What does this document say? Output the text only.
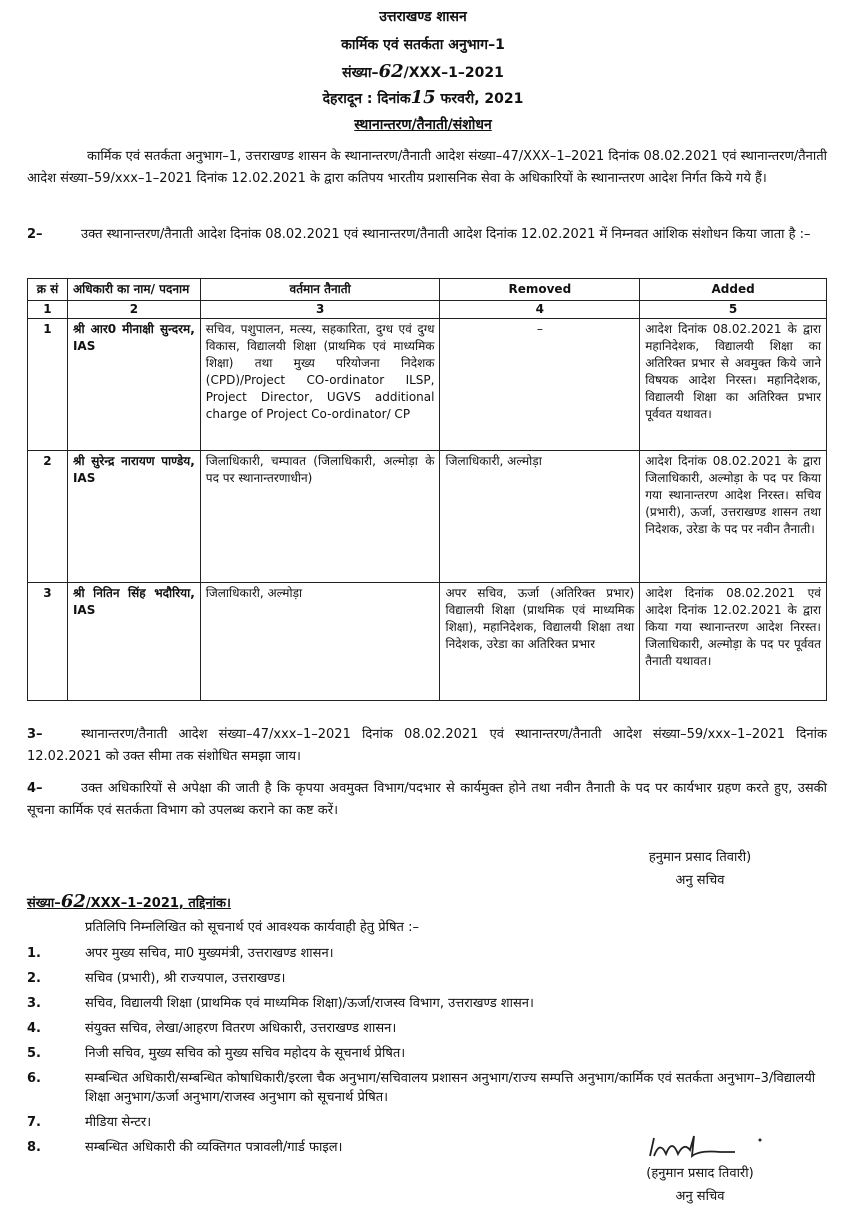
उत्तराखण्ड शासन
कार्मिक एवं सतर्कता अनुभाग–1
संख्या–62/XXX–1–2021
देहरादून : दिनांक15 फरवरी, 2021
स्थानान्तरण/तैनाती/संशोधन
कार्मिक एवं सतर्कता अनुभाग–1, उत्तराखण्ड शासन के स्थानान्तरण/तैनाती आदेश संख्या–47/XXX–1–2021 दिनांक 08.02.2021 एवं स्थानान्तरण/तैनाती आदेश संख्या–59/xxx–1–2021 दिनांक 12.02.2021 के द्वारा कतिपय भारतीय प्रशासनिक सेवा के अधिकारियों के स्थानान्तरण आदेश निर्गत किये गये हैं।
2–	उक्त स्थानान्तरण/तैनाती आदेश दिनांक 08.02.2021 एवं स्थानान्तरण/तैनाती आदेश दिनांक 12.02.2021 में निम्नवत आंशिक संशोधन किया जाता है :–
क्र सं	अधिकारी का नाम/ पदनाम	वर्तमान तैनाती	Removed	Added
1	2	3	4	5
1	श्री आर0 मीनाक्षी सुन्दरम, IAS	सचिव, पशुपालन, मत्स्य, सहकारिता, दुग्ध एवं दुग्ध विकास, विद्यालयी शिक्षा (प्राथमिक एवं माध्यमिक शिक्षा) तथा मुख्य परियोजना निदेशक (CPD)/Project CO-ordinator ILSP, Project Director, UGVS additional charge of Project Co-ordinator/ CP	–	आदेश दिनांक 08.02.2021 के द्वारा महानिदेशक, विद्यालयी शिक्षा का अतिरिक्त प्रभार से अवमुक्त किये जाने विषयक आदेश निरस्त। महानिदेशक, विद्यालयी शिक्षा का अतिरिक्त प्रभार पूर्ववत यथावत।
2	श्री सुरेन्द्र नारायण पाण्डेय, IAS	जिलाधिकारी, चम्पावत (जिलाधिकारी, अल्मोड़ा के पद पर स्थानान्तरणाधीन)	जिलाधिकारी, अल्मोड़ा	आदेश दिनांक 08.02.2021 के द्वारा जिलाधिकारी, अल्मोड़ा के पद पर किया गया स्थानान्तरण आदेश निरस्त। सचिव (प्रभारी), ऊर्जा, उत्तराखण्ड शासन तथा निदेशक, उरेडा के पद पर नवीन तैनाती।
3	श्री नितिन सिंह भदौरिया, IAS	जिलाधिकारी, अल्मोड़ा	अपर सचिव, ऊर्जा (अतिरिक्त प्रभार) विद्यालयी शिक्षा (प्राथमिक एवं माध्यमिक शिक्षा), महानिदेशक, विद्यालयी शिक्षा तथा निदेशक, उरेडा का अतिरिक्त प्रभार	आदेश दिनांक 08.02.2021 एवं आदेश दिनांक 12.02.2021 के द्वारा किया गया स्थानान्तरण आदेश निरस्त। जिलाधिकारी, अल्मोड़ा के पद पर पूर्ववत तैनाती यथावत।
3–	स्थानान्तरण/तैनाती आदेश संख्या–47/xxx–1–2021 दिनांक 08.02.2021 एवं स्थानान्तरण/तैनाती आदेश संख्या–59/xxx–1–2021 दिनांक 12.02.2021 को उक्त सीमा तक संशोधित समझा जाय।
4–	उक्त अधिकारियों से अपेक्षा की जाती है कि कृपया अवमुक्त विभाग/पदभार से कार्यमुक्त होने तथा नवीन तैनाती के पद पर कार्यभार ग्रहण करते हुए, उसकी सूचना कार्मिक एवं सतर्कता विभाग को उपलब्ध कराने का कष्ट करें।
हनुमान प्रसाद तिवारी)
अनु सचिव
संख्या–62/XXX–1–2021, तद्दिनांक।
प्रतिलिपि निम्नलिखित को सूचनार्थ एवं आवश्यक कार्यवाही हेतु प्रेषित :–
1.	अपर मुख्य सचिव, मा0 मुख्यमंत्री, उत्तराखण्ड शासन।
2.	सचिव (प्रभारी), श्री राज्यपाल, उत्तराखण्ड।
3.	सचिव, विद्यालयी शिक्षा (प्राथमिक एवं माध्यमिक शिक्षा)/ऊर्जा/राजस्व विभाग, उत्तराखण्ड शासन।
4.	संयुक्त सचिव, लेखा/आहरण वितरण अधिकारी, उत्तराखण्ड शासन।
5.	निजी सचिव, मुख्य सचिव को मुख्य सचिव महोदय के सूचनार्थ प्रेषित।
6.	सम्बन्धित अधिकारी/सम्बन्धित कोषाधिकारी/इरला चैक अनुभाग/सचिवालय प्रशासन अनुभाग/राज्य सम्पत्ति अनुभाग/कार्मिक एवं सतर्कता अनुभाग–3/विद्यालयी शिक्षा अनुभाग/ऊर्जा अनुभाग/राजस्व अनुभाग को सूचनार्थ प्रेषित।
7.	मीडिया सेन्टर।
8.	सम्बन्धित अधिकारी की व्यक्तिगत पत्रावली/गार्ड फाइल।
(हनुमान प्रसाद तिवारी)
अनु सचिव
